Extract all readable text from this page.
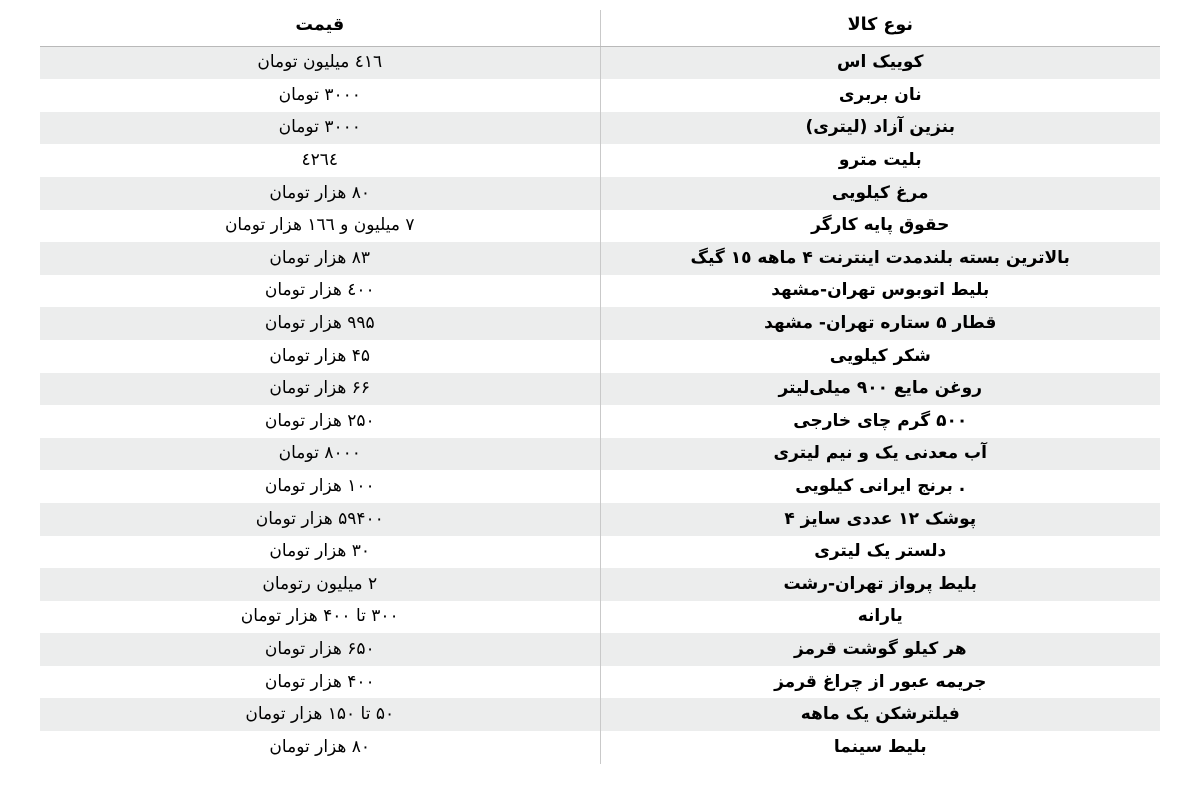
نوع کالا	قیمت
کوییک اس	٤١٦ میلیون تومان
نان بربری	٣٠٠٠ تومان
بنزین آزاد (لیتری)	٣٠٠٠ تومان
بلیت مترو	٤٢٦٤
مرغ کیلویی	٨٠ هزار تومان
حقوق پایه کارگر	٧ میلیون و ١٦٦ هزار تومان
بالاترین بسته بلندمدت اینترنت ۴ ماهه ١٥ گیگ	٨٣ هزار تومان
بلیط اتوبوس تهران-مشهد	٤٠٠ هزار تومان
قطار ۵ ستاره تهران- مشهد	۹۹۵ هزار تومان
شکر کیلویی	۴۵ هزار تومان
روغن مایع ۹۰۰ میلی‌لیتر	۶۶ هزار تومان
۵۰۰ گرم چای خارجی	۲۵۰ هزار تومان
آب معدنی یک و نیم لیتری	٨٠٠٠ تومان
. برنج ایرانی کیلویی	۱۰۰ هزار تومان
پوشک ۱۲ عددی سایز ۴	۵۹۴۰۰ هزار تومان
دلستر یک لیتری	۳۰ هزار تومان
بلیط پرواز تهران-رشت	۲ میلیون رتومان
یارانه	۳۰۰ تا ۴۰۰ هزار تومان
هر کیلو گوشت قرمز	۶۵۰ هزار تومان
جریمه عبور از چراغ قرمز	۴۰۰ هزار تومان
فیلترشکن یک ماهه	۵۰ تا ۱۵۰ هزار تومان
بلیط سینما	۸۰ هزار تومان
